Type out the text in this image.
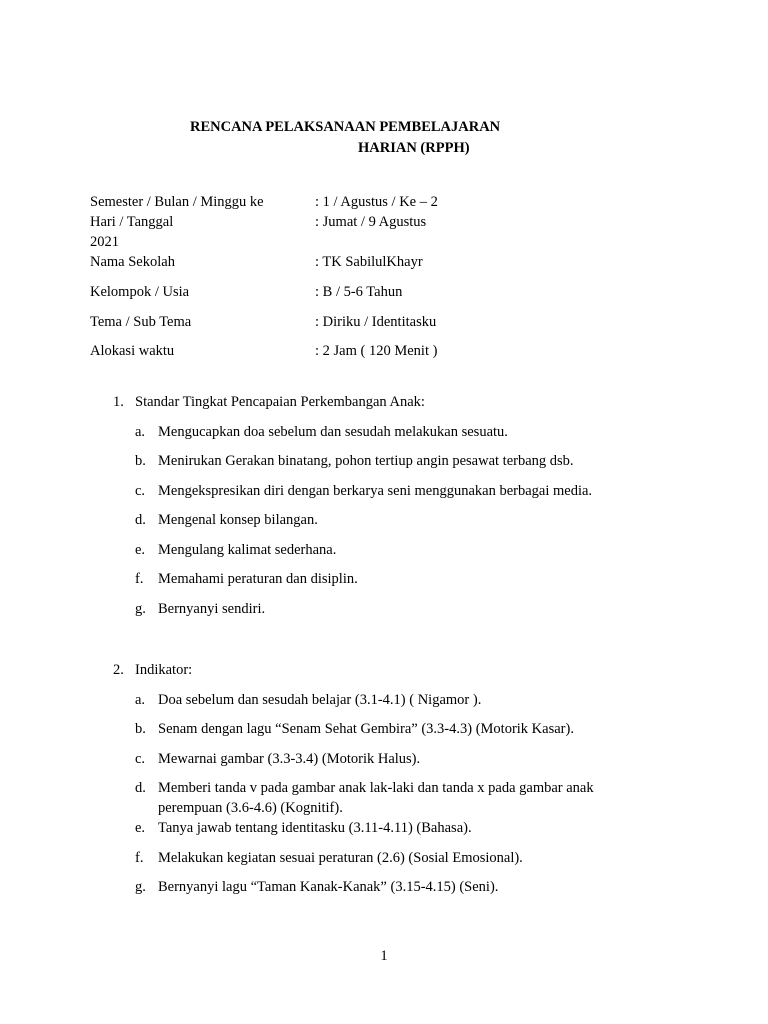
RENCANA PELAKSANAAN PEMBELAJARAN
HARIAN (RPPH)
Semester / Bulan / Minggu ke	: 1 / Agustus / Ke – 2
Hari / Tanggal	: Jumat / 9 Agustus
2021
Nama Sekolah	: TK SabilulKhayr
Kelompok / Usia	: B / 5-6 Tahun
Tema / Sub Tema	: Diriku / Identitasku
Alokasi waktu	: 2 Jam ( 120 Menit )
1. Standar Tingkat Pencapaian Perkembangan Anak:
a. Mengucapkan doa sebelum dan sesudah melakukan sesuatu.
b. Menirukan Gerakan binatang, pohon tertiup angin pesawat terbang dsb.
c. Mengekspresikan diri dengan berkarya seni menggunakan berbagai media.
d. Mengenal konsep bilangan.
e. Mengulang kalimat sederhana.
f. Memahami peraturan dan disiplin.
g. Bernyanyi sendiri.
2. Indikator:
a. Doa sebelum dan sesudah belajar (3.1-4.1) ( Nigamor ).
b. Senam dengan lagu “Senam Sehat Gembira” (3.3-4.3) (Motorik Kasar).
c. Mewarnai gambar (3.3-3.4) (Motorik Halus).
d. Memberi tanda v pada gambar anak lak-laki dan tanda x pada gambar anak perempuan (3.6-4.6) (Kognitif).
e. Tanya jawab tentang identitasku (3.11-4.11) (Bahasa).
f. Melakukan kegiatan sesuai peraturan (2.6) (Sosial Emosional).
g. Bernyanyi lagu “Taman Kanak-Kanak” (3.15-4.15) (Seni).
1
